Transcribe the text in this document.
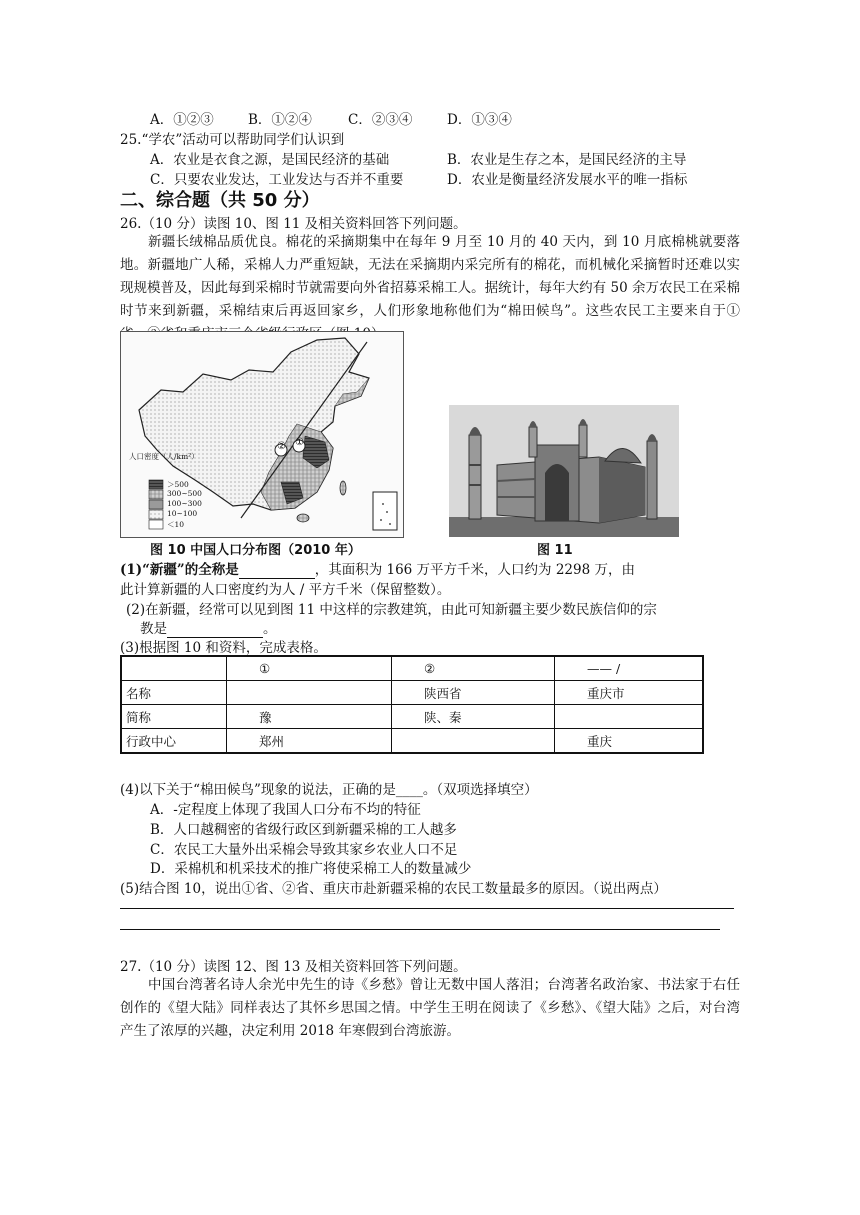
A．①②③	B．①②④	C．②③④	D．①③④
25.“学农”活动可以帮助同学们认识到
A．农业是衣食之源，是国民经济的基础	B．农业是生存之本，是国民经济的主导
C．只要农业发达，工业发达与否并不重要	D．农业是衡量经济发展水平的唯一指标
二、综合题（共 50 分）
26.（10 分）读图 10、图 11 及相关资料回答下列问题。

新疆长绒棉品质优良。棉花的采摘期集中在每年 9 月至 10 月的 40 天内，到 10 月底棉桃就要落地。新疆地广人稀，采棉人力严重短缺，无法在采摘期内采完所有的棉花，而机械化采摘暂时还难以实现规模普及，因此每到采棉时节就需要向外省招募采棉工人。据统计，每年大约有 50 余万农民工在采棉时节来到新疆，采棉结束后再返回家乡，人们形象地称他们为“棉田候鸟”。这些农民工主要来自于①

①
②
人口密度（人/km²）
＞500
300~500
100~300
10~100
＜10
图 10 中国人口分布图（2010 年）	图 11
(1)“新疆”的全称是	，其面积为 166 万平方千米，人口约为 2298 万，由
此计算新疆的人口密度约为人 / 平方千米（保留整数）。
(2)在新疆，经常可以见到图 11 中这样的宗教建筑，由此可知新疆主要少数民族信仰的宗
教是	。
(3)根据图 10 和资料，完成表格。
	①	②	—— /
名称		陕西省	重庆市
简称	豫	陕、秦	
行政中心	郑州		重庆
(4)以下关于“棉田候鸟”现象的说法，正确的是____。（双项选择填空）
A．-定程度上体现了我国人口分布不均的特征
B．人口越稠密的省级行政区到新疆采棉的工人越多
C．农民工大量外出采棉会导致其家乡农业人口不足
D．采棉机和机采技术的推广将使采棉工人的数量减少
(5)结合图 10，说出①省、②省、重庆市赴新疆采棉的农民工数量最多的原因。（说出两点）
27.（10 分）读图 12、图 13 及相关资料回答下列问题。

中国台湾著名诗人余光中先生的诗《乡愁》曾让无数中国人落泪；台湾著名政治家、书法家于右任创作的《望大陆》同样表达了其怀乡思国之情。中学生王明在阅读了《乡愁》、《望大陆》之后，对台湾产生了浓厚的兴趣，决定利用 2018 年寒假到台湾旅游。
